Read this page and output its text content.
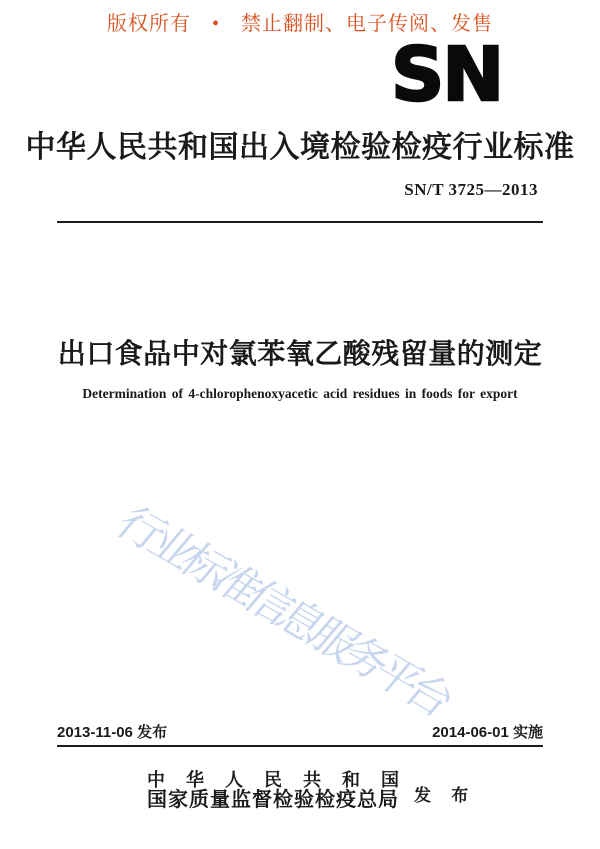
版权所有　•　禁止翻制、电子传阅、发售
SN
中华人民共和国出入境检验检疫行业标准
SN/T 3725—2013
出口食品中对氯苯氧乙酸残留量的测定
Determination of 4-chlorophenoxyacetic acid residues in foods for export
行业标准信息服务平台
2013-11-06 发布	2014-06-01 实施
中 华 人 民 共 和 国
国家质量监督检验检疫总局 发 布
